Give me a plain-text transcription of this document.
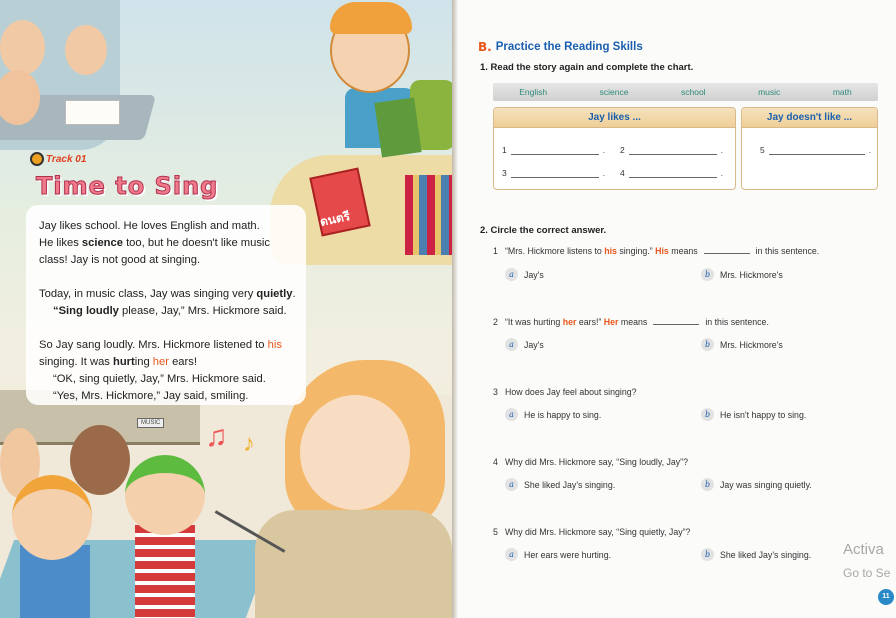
ดนตรี
MUSIC ♫ ♪
Track 01
Time to Sing
Jay likes school. He loves English and math.
He likes science too, but he doesn't like music
class! Jay is not good at singing.
Today, in music class, Jay was singing very quietly.
“Sing loudly please, Jay,” Mrs. Hickmore said.
So Jay sang loudly. Mrs. Hickmore listened to his
singing. It was hurting her ears!
“OK, sing quietly, Jay,” Mrs. Hickmore said.
“Yes, Mrs. Hickmore,” Jay said, smiling.
B. Practice the Reading Skills
1. Read the story again and complete the chart.
English	science	school	music	math
Jay likes ...
1	. 2	.
3	. 4	.
Jay doesn't like ...
5	.
2. Circle the correct answer.
1 “Mrs. Hickmore listens to his singing.” His means	in this sentence.
a	Jay's	b	Mrs. Hickmore's
2 “It was hurting her ears!” Her means	in this sentence.
a	Jay's	b	Mrs. Hickmore's
3 How does Jay feel about singing?
a	He is happy to sing.	b	He isn't happy to sing.
4 Why did Mrs. Hickmore say, “Sing loudly, Jay”?
a	She liked Jay's singing.	b	Jay was singing quietly.
5 Why did Mrs. Hickmore say, “Sing quietly, Jay”?
a	Her ears were hurting.	b	She liked Jay's singing. Activa
Go to Se
11
